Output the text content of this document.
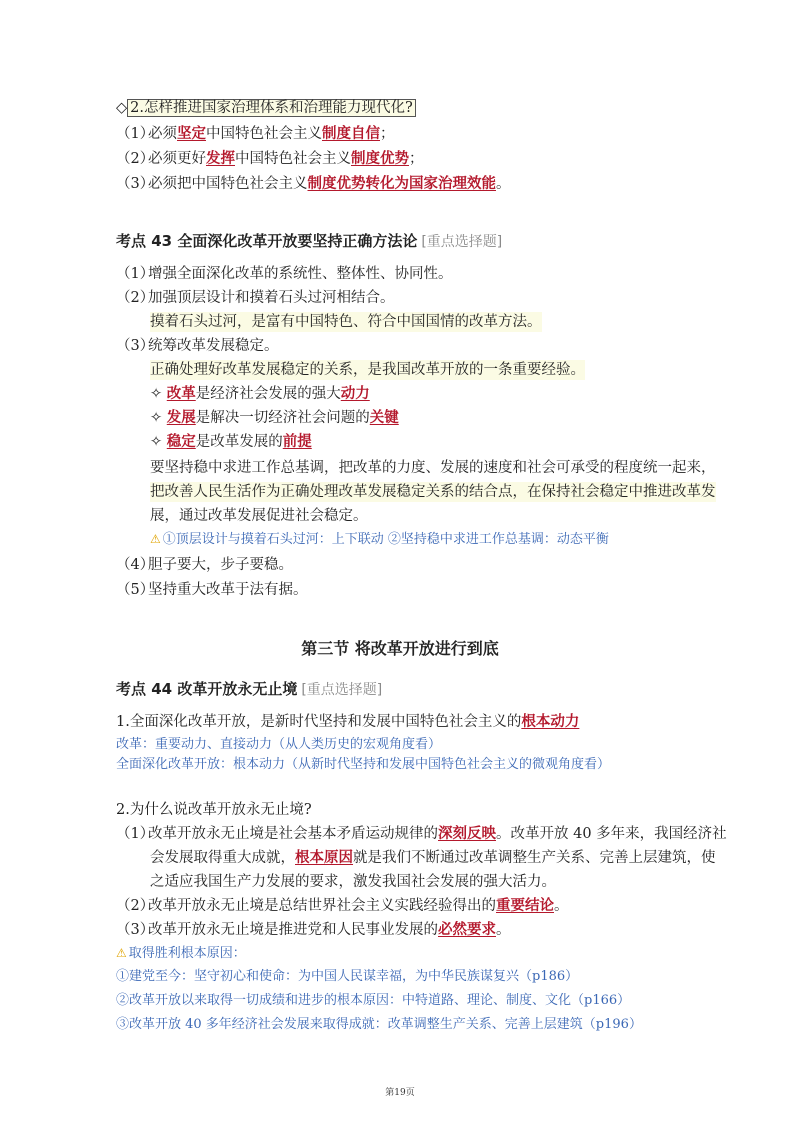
◇ 2.怎样推进国家治理体系和治理能力现代化?
（1）必须坚定中国特色社会主义制度自信；
（2）必须更好发挥中国特色社会主义制度优势；
（3）必须把中国特色社会主义制度优势转化为国家治理效能。
考点 43 全面深化改革开放要坚持正确方法论 [重点选择题]
（1）增强全面深化改革的系统性、整体性、协同性。
（2）加强顶层设计和摸着石头过河相结合。
摸着石头过河，是富有中国特色、符合中国国情的改革方法。
（3）统筹改革发展稳定。
正确处理好改革发展稳定的关系，是我国改革开放的一条重要经验。
✧ 改革是经济社会发展的强大动力
✧ 发展是解决一切经济社会问题的关键
✧ 稳定是改革发展的前提
要坚持稳中求进工作总基调，把改革的力度、发展的速度和社会可承受的程度统一起来，
把改善人民生活作为正确处理改革发展稳定关系的结合点，在保持社会稳定中推进改革发
展，通过改革发展促进社会稳定。
⚠ ①顶层设计与摸着石头过河：上下联动 ②坚持稳中求进工作总基调：动态平衡
（4）胆子要大，步子要稳。
（5）坚持重大改革于法有据。
第三节 将改革开放进行到底
考点 44 改革开放永无止境 [重点选择题]
1.全面深化改革开放，是新时代坚持和发展中国特色社会主义的根本动力
改革：重要动力、直接动力（从人类历史的宏观角度看）
全面深化改革开放：根本动力（从新时代坚持和发展中国特色社会主义的微观角度看）
2.为什么说改革开放永无止境?
（1）改革开放永无止境是社会基本矛盾运动规律的深刻反映。改革开放 40 多年来，我国经济社
会发展取得重大成就，根本原因就是我们不断通过改革调整生产关系、完善上层建筑，使
之适应我国生产力发展的要求，激发我国社会发展的强大活力。
（2）改革开放永无止境是总结世界社会主义实践经验得出的重要结论。
（3）改革开放永无止境是推进党和人民事业发展的必然要求。
⚠ 取得胜利根本原因：
①建党至今：坚守初心和使命：为中国人民谋幸福，为中华民族谋复兴（p186）
②改革开放以来取得一切成绩和进步的根本原因：中特道路、理论、制度、文化（p166）
③改革开放 40 多年经济社会发展来取得成就：改革调整生产关系、完善上层建筑（p196）
第19页
